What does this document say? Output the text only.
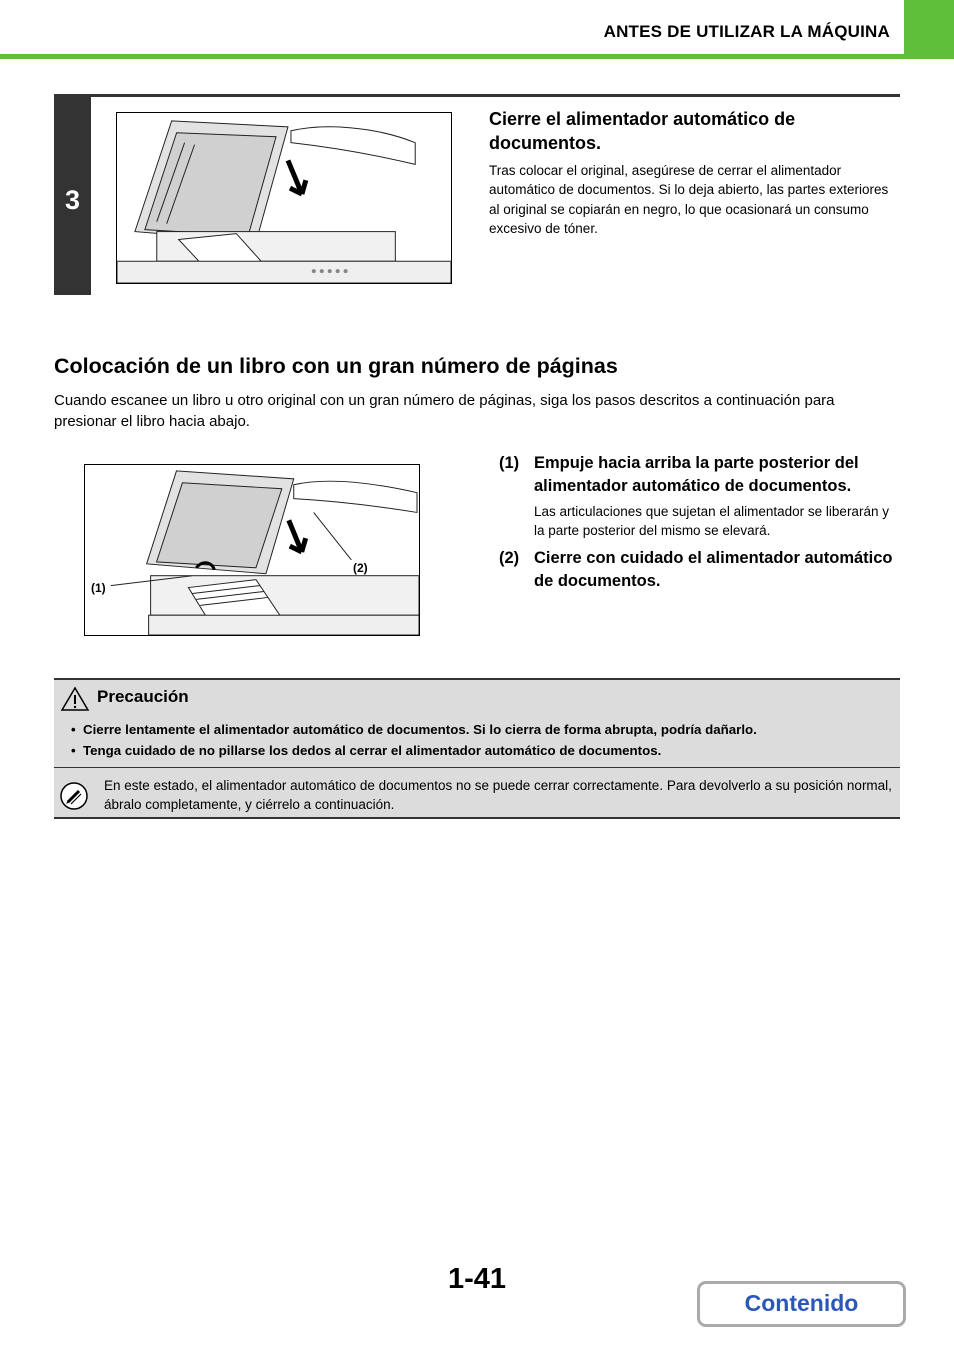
ANTES DE UTILIZAR LA MÁQUINA
3
Cierre el alimentador automático de documentos.
Tras colocar el original, asegúrese de cerrar el alimentador automático de documentos. Si lo deja abierto, las partes exteriores al original se copiarán en negro, lo que ocasionará un consumo excesivo de tóner.
Colocación de un libro con un gran número de páginas
Cuando escanee un libro u otro original con un gran número de páginas, siga los pasos descritos a continuación para presionar el libro hacia abajo.
(1)
(2)
(1) Empuje hacia arriba la parte posterior del alimentador automático de documentos.
Las articulaciones que sujetan el alimentador se liberarán y la parte posterior del mismo se elevará.
(2) Cierre con cuidado el alimentador automático de documentos.
Precaución
• Cierre lentamente el alimentador automático de documentos. Si lo cierra de forma abrupta, podría dañarlo.
• Tenga cuidado de no pillarse los dedos al cerrar el alimentador automático de documentos.
En este estado, el alimentador automático de documentos no se puede cerrar correctamente. Para devolverlo a su posición normal, ábralo completamente, y ciérrelo a continuación.
1-41
Contenido
